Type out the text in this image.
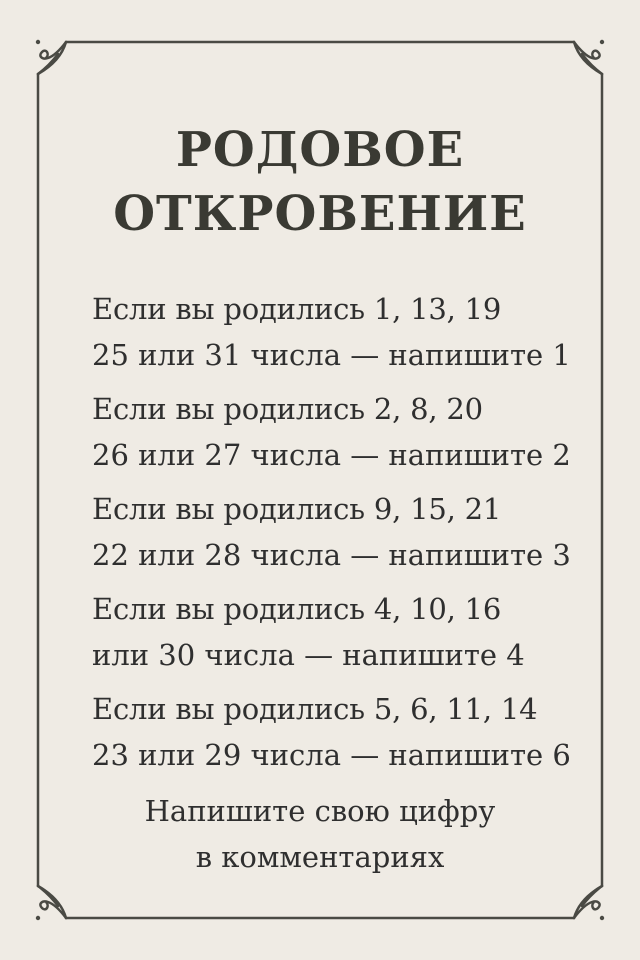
РОДОВОЕ
ОТКРОВЕНИЕ
Если вы родились 1, 13, 19
25 или 31 числа — напишите 1
Если вы родились 2, 8, 20
26 или 27 числа — напишите 2
Если вы родились 9, 15, 21
22 или 28 числа — напишите 3
Если вы родились 4, 10, 16
или 30 числа — напишите 4
Если вы родились 5, 6, 11, 14
23 или 29 числа — напишите 6
Напишите свою цифру
в комментариях
